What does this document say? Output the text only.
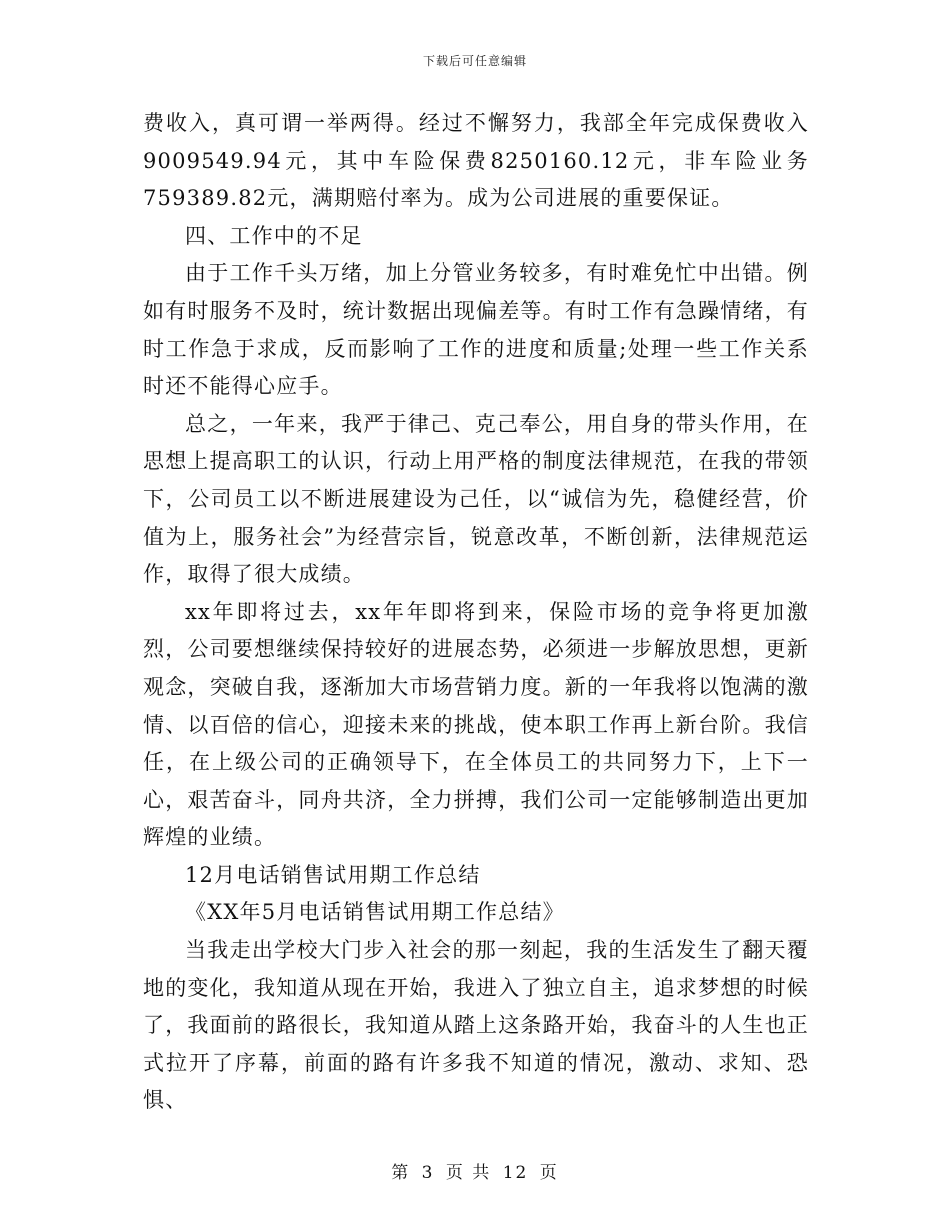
下载后可任意编辑

费收入，真可谓一举两得。经过不懈努力，我部全年完成保费收入9009549.94元，其中车险保费8250160.12元，非车险业务759389.82元，满期赔付率为。成为公司进展的重要保证。

四、工作中的不足

由于工作千头万绪，加上分管业务较多，有时难免忙中出错。例如有时服务不及时，统计数据出现偏差等。有时工作有急躁情绪，有时工作急于求成，反而影响了工作的进度和质量;处理一些工作关系时还不能得心应手。

总之，一年来，我严于律己、克己奉公，用自身的带头作用，在思想上提高职工的认识，行动上用严格的制度法律规范，在我的带领下，公司员工以不断进展建设为己任，以“诚信为先，稳健经营，价值为上，服务社会”为经营宗旨，锐意改革，不断创新，法律规范运作，取得了很大成绩。

xx年即将过去，xx年年即将到来，保险市场的竞争将更加激烈，公司要想继续保持较好的进展态势，必须进一步解放思想，更新观念，突破自我，逐渐加大市场营销力度。新的一年我将以饱满的激情、以百倍的信心，迎接未来的挑战，使本职工作再上新台阶。我信任，在上级公司的正确领导下，在全体员工的共同努力下，上下一心，艰苦奋斗，同舟共济，全力拼搏，我们公司一定能够制造出更加辉煌的业绩。

12月电话销售试用期工作总结

《XX年5月电话销售试用期工作总结》

当我走出学校大门步入社会的那一刻起，我的生活发生了翻天覆地的变化，我知道从现在开始，我进入了独立自主，追求梦想的时候了，我面前的路很长，我知道从踏上这条路开始，我奋斗的人生也正式拉开了序幕，前面的路有许多我不知道的情况，激动、求知、恐惧、

第 3 页 共 12 页
